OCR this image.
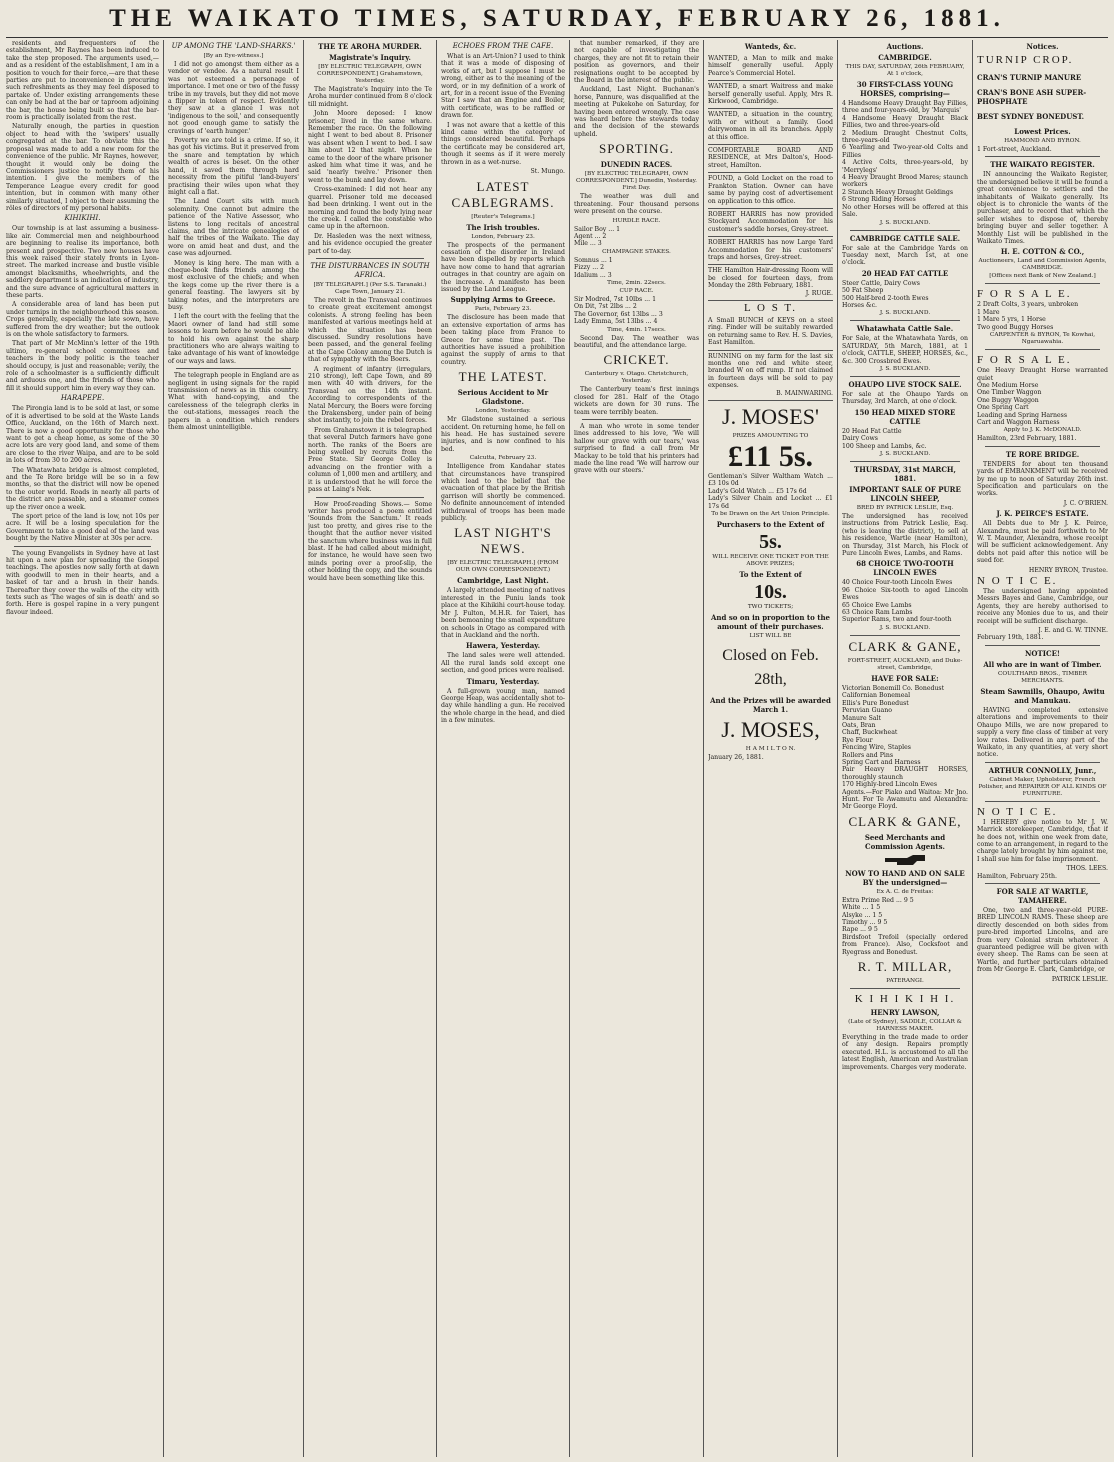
THE WAIKATO TIMES, SATURDAY, FEBRUARY 26, 1881.

residents and frequenters of the establishment, Mr Raynes has been induced to take the step proposed. The arguments used,—and as a resident of the establishment, I am in a position to vouch for their force,—are that these parties are put to inconvenience in procuring such refreshments as they may feel disposed to partake of. Under existing arrangements these can only be had at the bar or taproom adjoining the bar, the house being built so that the bar-room is practically isolated from the rest.

Naturally enough, the parties in question object to head with the 'swipers' usually congregated at the bar. To obviate this the proposal was made to add a new room for the convenience of the public. Mr Raynes, however, thought it would only be doing the Commissioners justice to notify them of his intention. I give the members of the Temperance League every credit for good intention, but in common with many other similarly situated, I object to their assuming the rôles of directors of my personal habits.

KIHIKIHI.

Our township is at last assuming a business-like air. Commercial men and neighbourhood are beginning to realise its importance, both present and prospective. Two new houses have this week raised their stately fronts in Lyon-street. The marked increase and bustle visible amongst blacksmiths, wheelwrights, and the saddlery department is an indication of industry, and the sure advance of agricultural matters in these parts.

A considerable area of land has been put under turnips in the neighbourhood this season. Crops generally, especially the late sown, have suffered from the dry weather; but the outlook is on the whole satisfactory to farmers.

That part of Mr McMinn's letter of the 19th ultimo, re-general school committees and teachers in the body politic is the teacher should occupy, is just and reasonable; verily, the role of a schoolmaster is a sufficiently difficult and arduous one, and the friends of those who fill it should support him in every way they can.

HARAPEPE.

The Pirongia land is to be sold at last, or some of it is advertised to be sold at the Waste Lands Office, Auckland, on the 16th of March next. There is now a good opportunity for those who want to get a cheap home, as some of the 30 acre lots are very good land, and some of them are close to the river Waipa, and are to be sold in lots of from 30 to 200 acres.

The Whatawhata bridge is almost completed, and the Te Rore bridge will be so in a few months, so that the district will now be opened to the outer world. Roads in nearly all parts of the district are passable, and a steamer comes up the river once a week.

The sport price of the land is low, not 10s per acre. It will be a losing speculation for the Government to take a good deal of the land was bought by the Native Minister at 30s per acre.

The young Evangelists in Sydney have at last hit upon a new plan for spreading the Gospel teachings. The apostles now sally forth at dawn with goodwill to men in their hearts, and a basket of tar and a brush in their hands. Thereafter they cover the walls of the city with texts such as 'The wages of sin is death' and so forth. Here is gospel rapine in a very pungent flavour indeed.

UP AMONG THE 'LAND-SHARKS.'
[By an Eye-witness.]

I did not go amongst them either as a vendor or vendee. As a natural result I was not esteemed a personage of importance. I met one or two of the fussy tribe in my travels, but they did not move a flipper in token of respect. Evidently they saw at a glance I was not 'indigenous to the soil,' and consequently not good enough game to satisfy the cravings of 'earth hunger.'

Poverty we are told is a crime. If so, it has got his victims. But it preserved from the snare and temptation by which wealth of acres is beset. On the other hand, it saved them through hard necessity from the pitiful 'land-buyers' practising their wiles upon what they might call a flat.

The Land Court sits with much solemnity. One cannot but admire the patience of the Native Assessor, who listens to long recitals of ancestral claims, and the intricate genealogies of half the tribes of the Waikato. The day wore on amid heat and dust, and the case was adjourned.

Money is king here. The man with a cheque-book finds friends among the most exclusive of the chiefs; and when the kegs come up the river there is a general feasting. The lawyers sit by taking notes, and the interpreters are busy.

I left the court with the feeling that the Maori owner of land had still some lessons to learn before he would be able to hold his own against the sharp practitioners who are always waiting to take advantage of his want of knowledge of our ways and laws.

The telegraph people in England are as negligent in using signals for the rapid transmission of news as in this country. What with hand-copying, and the carelessness of the telegraph clerks in the out-stations, messages reach the papers in a condition which renders them almost unintelligible.

THE TE AROHA MURDER.
Magistrate's Inquiry.
[BY ELECTRIC TELEGRAPH, OWN CORRESPONDENT.] Grahamstown, Yesterday.

The Magistrate's Inquiry into the Te Aroha murder continued from 8 o'clock till midnight.

John Moore deposed: I know prisoner, lived in the same whare. Remember the race. On the following night I went to bed about 8. Prisoner was absent when I went to bed. I saw him about 12 that night. When he came to the door of the whare prisoner asked him what time it was, and he said 'nearly twelve.' Prisoner then went to the bunk and lay down.

Cross-examined: I did not hear any quarrel. Prisoner told me deceased had been drinking. I went out in the morning and found the body lying near the creek. I called the constable who came up in the afternoon.

Dr. Hasleden was the next witness, and his evidence occupied the greater part of to-day.

THE DISTURBANCES IN SOUTH AFRICA.
[BY TELEGRAPH.] (Per S.S. Taranaki.) Cape Town, January 21.

The revolt in the Transvaal continues to create great excitement amongst colonists. A strong feeling has been manifested at various meetings held at which the situation has been discussed. Sundry resolutions have been passed, and the general feeling at the Cape Colony among the Dutch is that of sympathy with the Boers.

A regiment of infantry (irregulars, 210 strong), left Cape Town, and 89 men with 40 with drivers, for the Transvaal on the 14th instant. According to correspondents of the Natal Mercury, the Boers were forcing the Drakensberg, under pain of being shot instantly, to join the rebel forces.

From Grahamstown it is telegraphed that several Dutch farmers have gone north. The ranks of the Boers are being swelled by recruits from the Free State. Sir George Colley is advancing on the frontier with a column of 1,000 men and artillery, and it is understood that he will force the pass at Laing's Nek.

How Proof-reading Shows.— Some writer has produced a poem entitled 'Sounds from the Sanctum.' It reads just too pretty, and gives rise to the thought that the author never visited the sanctum where business was in full blast. If he had called about midnight, for instance, he would have seen two minds poring over a proof-slip, the other holding the copy, and the sounds would have been something like this.

ECHOES FROM THE CAFE.

What is an Art-Union? I used to think that it was a mode of disposing of works of art, but I suppose I must be wrong, either as to the meaning of the word, or in my definition of a work of art, for in a recent issue of the Evening Star I saw that an Engine and Boiler, with certificate, was to be raffled or drawn for.

I was not aware that a kettle of this kind came within the category of things considered beautiful. Perhaps the certificate may be considered art, though it seems as if it were merely thrown in as a wet-nurse.

St. Mungo.
LATEST CABLEGRAMS.
[Reuter's Telegrams.]
The Irish troubles.
London, February 23.

The prospects of the permanent cessation of the disorder in Ireland have been dispelled by reports which have now come to hand that agrarian outrages in that country are again on the increase. A manifesto has been issued by the Land League.

Supplying Arms to Greece.
Paris, February 23.

The disclosure has been made that an extensive exportation of arms has been taking place from France to Greece for some time past. The authorities have issued a prohibition against the supply of arms to that country.

THE LATEST.
Serious Accident to Mr Gladstone.
London, Yesterday.

Mr Gladstone sustained a serious accident. On returning home, he fell on his head. He has sustained severe injuries, and is now confined to his bed.

Calcutta, February 23.

Intelligence from Kandahar states that circumstances have transpired which lead to the belief that the evacuation of that place by the British garrison will shortly be commenced. No definite announcement of intended withdrawal of troops has been made publicly.

LAST NIGHT'S NEWS.
[BY ELECTRIC TELEGRAPH.] (FROM OUR OWN CORRESPONDENT.)
Cambridge, Last Night.

A largely attended meeting of natives interested in the Puniu lands took place at the Kihikihi court-house today. Mr J. Fulton, M.H.R. for Taieri, has been bemoaning the small expenditure on schools in Otago as compared with that in Auckland and the north.

Hawera, Yesterday.

The land sales were well attended. All the rural lands sold except one section, and good prices were realised.

Timaru, Yesterday.

A full-grown young man, named George Heap, was accidentally shot to-day while handling a gun. He received the whole charge in the head, and died in a few minutes.

that number remarked, if they are not capable of investigating the charges, they are not fit to retain their position as governors, and their resignations ought to be accepted by the Board in the interest of the public.

Auckland, Last Night. Buchanan's horse, Pannure, was disqualified at the meeting at Pukekohe on Saturday, for having been entered wrongly. The case was heard before the stewards today and the decision of the stewards upheld.

SPORTING.
DUNEDIN RACES.
[BY ELECTRIC TELEGRAPH, OWN CORRESPONDENT.] Dunedin, Yesterday. First Day.

The weather was dull and threatening. Four thousand persons were present on the course.

HURDLE RACE.
Sailor Boy ... 1
Agent ... 2
Mile ... 3
CHAMPAGNE STAKES.
Somnus ... 1
Fizzy ... 2
Idalium ... 3
Time, 2min. 22secs.
CUP RACE.
Sir Modred, 7st 10lbs ... 1
On Dit, 7st 2lbs ... 2
The Governor, 6st 13lbs ... 3
Lady Emma, 5st 13lbs ... 4
Time, 4min. 17secs.

Second Day. The weather was beautiful, and the attendance large.

CRICKET.
Canterbury v. Otago. Christchurch, Yesterday.

The Canterbury team's first innings closed for 281. Half of the Otago wickets are down for 30 runs. The team were terribly beaten.

A man who wrote in some tender lines addressed to his love, 'We will hallow our grave with our tears,' was surprised to find a call from Mr Mackay to be told that his printers had made the line read 'We will harrow our grave with our steers.'

Wanteds, &c.
WANTED, a Man to milk and make himself generally useful. Apply Pearce's Commercial Hotel.
WANTED, a smart Waitress and make herself generally useful. Apply, Mrs R. Kirkwood, Cambridge.
WANTED, a situation in the country, with or without a family. Good dairywoman in all its branches. Apply at this office.
COMFORTABLE BOARD AND RESIDENCE, at Mrs Dalton's, Hood-street, Hamilton.
FOUND, a Gold Locket on the road to Frankton Station. Owner can have same by paying cost of advertisement on application to this office.
ROBERT HARRIS has now provided Stockyard Accommodation for his customer's saddle horses, Grey-street.
ROBERT HARRIS has now Large Yard Accommodation for his customers' traps and horses, Grey-street.
THE Hamilton Hair-dressing Room will be closed for fourteen days, from Monday the 28th February, 1881.
J. RUGE.
L O S T.
A Small BUNCH of KEYS on a steel ring. Finder will be suitably rewarded on returning same to Rev. H. S. Davies, East Hamilton.
RUNNING on my farm for the last six months one red and white steer, branded W on off rump. If not claimed in fourteen days will be sold to pay expenses.
B. MAINWARING.
J. MOSES'
PRIZES AMOUNTING TO
£11 5s.
Gentleman's Silver Waltham Watch ... £3 10s 0d
Lady's Gold Watch ... £5 17s 6d
Lady's Silver Chain and Locket ... £1 17s 6d
To be Drawn on the Art Union Principle.
Purchasers to the Extent of
5s.
WILL RECEIVE ONE TICKET FOR THE ABOVE PRIZES;
To the Extent of
10s.
TWO TICKETS;
And so on in proportion to the amount of their purchases.
LIST WILL BE
Closed on Feb. 28th,
And the Prizes will be awarded March 1.
J. MOSES,
H A M I L T O N.
January 26, 1881.
Auctions.
CAMBRIDGE.
THIS DAY, SATURDAY, 26th FEBRUARY, At 1 o'clock,
30 FIRST-CLASS YOUNG HORSES, comprising—
4 Handsome Heavy Draught Bay Fillies, three and four-years-old, by 'Marquis'
4 Handsome Heavy Draught Black Fillies, two and three-years-old
2 Medium Draught Chestnut Colts, three-years-old
6 Yearling and Two-year-old Colts and Fillies
4 Active Colts, three-years-old, by 'Merrylegs'
4 Heavy Draught Brood Mares; staunch workers
2 Staunch Heavy Draught Geldings
6 Strong Riding Horses
No other Horses will be offered at this Sale.
J. S. BUCKLAND.
CAMBRIDGE CATTLE SALE.
For sale at the Cambridge Yards on Tuesday next, March 1st, at one o'clock.
20 HEAD FAT CATTLE
Steer Cattle, Dairy Cows
50 Fat Sheep
500 Half-bred 2-tooth Ewes
Horses &c.
J. S. BUCKLAND.
Whatawhata Cattle Sale.
For Sale, at the Whatawhata Yards, on SATURDAY, 5th March, 1881, at 1 o'clock, CATTLE, SHEEP, HORSES, &c., &c. 300 Crossbred Ewes.
J. S. BUCKLAND.
OHAUPO LIVE STOCK SALE.
For sale at the Ohaupo Yards on Thursday, 3rd March, at one o'clock.
150 HEAD MIXED STORE CATTLE
20 Head Fat Cattle
Dairy Cows
100 Sheep and Lambs, &c.
J. S. BUCKLAND.
THURSDAY, 31st MARCH, 1881.
IMPORTANT SALE OF PURE LINCOLN SHEEP,
BRED BY PATRICK LESLIE, Esq.
The undersigned has received instructions from Patrick Leslie, Esq. (who is leaving the district), to sell at his residence, Wartle (near Hamilton), on Thursday, 31st March, his Flock of Pure Lincoln Ewes, Lambs, and Rams.
68 CHOICE TWO-TOOTH LINCOLN EWES
40 Choice Four-tooth Lincoln Ewes
96 Choice Six-tooth to aged Lincoln Ewes
65 Choice Ewe Lambs
63 Choice Ram Lambs
Superior Rams, two and four-tooth
J. S. BUCKLAND.
CLARK & GANE,
FORT-STREET, AUCKLAND, and Duke-street, Cambridge,
HAVE FOR SALE:
Victorian Bonemill Co. Bonedust
Californian Bonemeal
Ellis's Pure Bonedust
Peruvian Guano
Manure Salt
Oats, Bran
Chaff, Buckwheat
Rye Flour
Fencing Wire, Staples
Rollers and Pins
Spring Cart and Harness
Pair Heavy DRAUGHT HORSES, thoroughly staunch
170 Highly-bred Lincoln Ewes
Agents.—For Piako and Waitoa: Mr Jno. Hunt. For Te Awamutu and Alexandra: Mr George Floyd.
CLARK & GANE,
Seed Merchants and Commission Agents.
NOW TO HAND AND ON SALE BY the undersigned—
Ex A. C. de Freitas:
Extra Prime Red ... 9 5
White ... 1 5
Alsyke ... 1 5
Timothy ... 9 5
Rape ... 9 5
Birdsfoot Trefoil (specially ordered from France). Also, Cocksfoot and Ryegrass and Bonedust.
R. T. MILLAR,
PATERANGI.
K I H I K I H I.
HENRY LAWSON,
(Late of Sydney), SADDLE, COLLAR & HARNESS MAKER.
Everything in the trade made to order of any design. Repairs promptly executed. H.L. is accustomed to all the latest English, American and Australian improvements. Charges very moderate.
Notices.
TURNIP CROP.
CRAN'S TURNIP MANURE
CRAN'S BONE ASH SUPER-PHOSPHATE
BEST SYDNEY BONEDUST.
Lowest Prices.
HAMMOND AND BYRON.
1 Fort-street, Auckland.
THE WAIKATO REGISTER.

IN announcing the Waikato Register, the undersigned believe it will be found a great convenience to settlers and the inhabitants of Waikato generally. Its object is to chronicle the wants of the purchaser, and to record that which the seller wishes to dispose of, thereby bringing buyer and seller together. A Monthly List will be published in the Waikato Times.

H. E. COTTON & CO.,
Auctioneers, Land and Commission Agents, CAMBRIDGE.
[Offices next Bank of New Zealand.]
F O R S A L E.
2 Draft Colts, 3 years, unbroken
1 Mare
1 Mare 5 yrs, 1 Horse
Two good Buggy Horses
CARPENTER & BYRON, Te Kowhai, Ngaruawahia.
F O R S A L E.
One Heavy Draught Horse warranted quiet
One Medium Horse
One Timber Waggon
One Buggy Waggon
One Spring Cart
Leading and Spring Harness
Cart and Waggon Harness
Apply to J. K. McDONALD.
Hamilton, 23rd February, 1881.
TE RORE BRIDGE.

TENDERS for about ten thousand yards of EMBANKMENT will be received by me up to noon of Saturday 26th inst. Specification and particulars on the works.

J. C. O'BRIEN.
J. K. PEIRCE'S ESTATE.

All Debts due to Mr J. K. Peirce, Alexandra, must be paid forthwith to Mr W. T. Maunder, Alexandra, whose receipt will be sufficient acknowledgement. Any debts not paid after this notice will be sued for.

HENRY BYRON, Trustee.
N O T I C E.

The undersigned having appointed Messrs Bayes and Gane, Cambridge, our Agents, they are hereby authorised to receive any Monies due to us, and their receipt will be sufficient discharge.

J. E. and G. W. TINNE.
February 19th, 1881.
NOTICE!
All who are in want of Timber.
COULTHARD BROS., TIMBER MERCHANTS.
Steam Sawmills, Ohaupo, Awitu and Manukau.

HAVING completed extensive alterations and improvements to their Ohaupo Mills, we are now prepared to supply a very fine class of timber at very low rates. Delivered in any part of the Waikato, in any quantities, at very short notice.

ARTHUR CONNOLLY, Junr.,
Cabinet Maker, Upholsterer, French Polisher, and REPAIRER OF ALL KINDS OF FURNITURE.
N O T I C E.

I HEREBY give notice to Mr J. W. Marrick storekeeper, Cambridge, that if he does not, within one week from date, come to an arrangement, in regard to the charge lately brought by him against me, I shall sue him for false imprisonment.

THOS. LEES.
Hamilton, February 25th.
FOR SALE AT WARTLE, TAMAHERE.

One, two and three-year-old PURE-BRED LINCOLN RAMS. These sheep are directly descended on both sides from pure-bred imported Lincolns, and are from very Colonial strain whatever. A guaranteed pedigree will be given with every sheep. The Rams can be seen at Wartle, and further particulars obtained from Mr George E. Clark, Cambridge, or

PATRICK LESLIE.
